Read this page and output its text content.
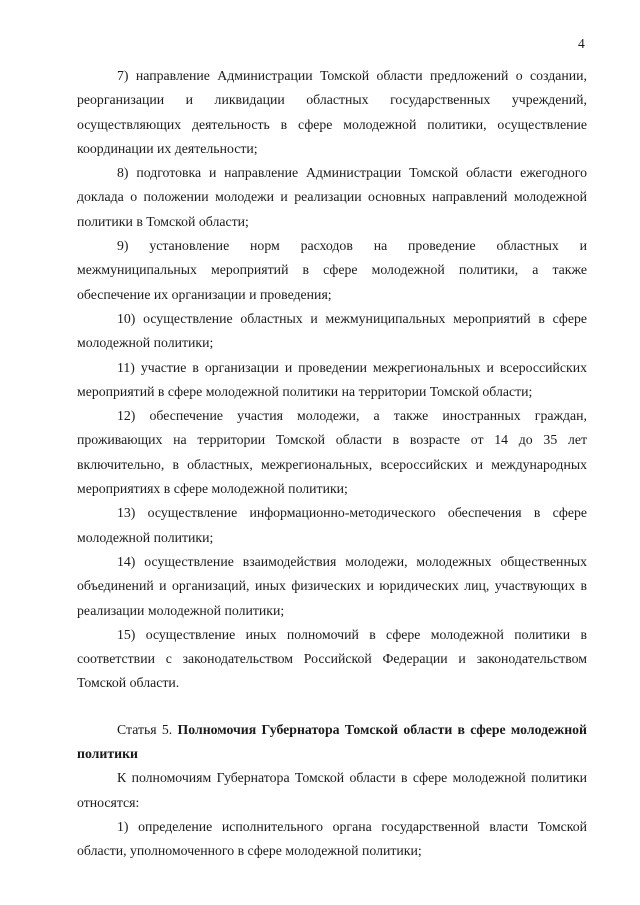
4

7) направление Администрации Томской области предложений о создании, реорганизации и ликвидации областных государственных учреждений, осуществляющих деятельность в сфере молодежной политики, осуществление координации их деятельности;

8) подготовка и направление Администрации Томской области ежегодного доклада о положении молодежи и реализации основных направлений молодежной политики в Томской области;

9) установление норм расходов на проведение областных и межмуниципальных мероприятий в сфере молодежной политики, а также обеспечение их организации и проведения;

10) осуществление областных и межмуниципальных мероприятий в сфере молодежной политики;

11) участие в организации и проведении межрегиональных и всероссийских мероприятий в сфере молодежной политики на территории Томской области;

12) обеспечение участия молодежи, а также иностранных граждан, проживающих на территории Томской области в возрасте от 14 до 35 лет включительно, в областных, межрегиональных, всероссийских и международных мероприятиях в сфере молодежной политики;

13) осуществление информационно-методического обеспечения в сфере молодежной политики;

14) осуществление взаимодействия молодежи, молодежных общественных объединений и организаций, иных физических и юридических лиц, участвующих в реализации молодежной политики;

15) осуществление иных полномочий в сфере молодежной политики в соответствии с законодательством Российской Федерации и законодательством Томской области.

Статья 5. Полномочия Губернатора Томской области в сфере молодежной политики

К полномочиям Губернатора Томской области в сфере молодежной политики относятся:

1) определение исполнительного органа государственной власти Томской области, уполномоченного в сфере молодежной политики;
